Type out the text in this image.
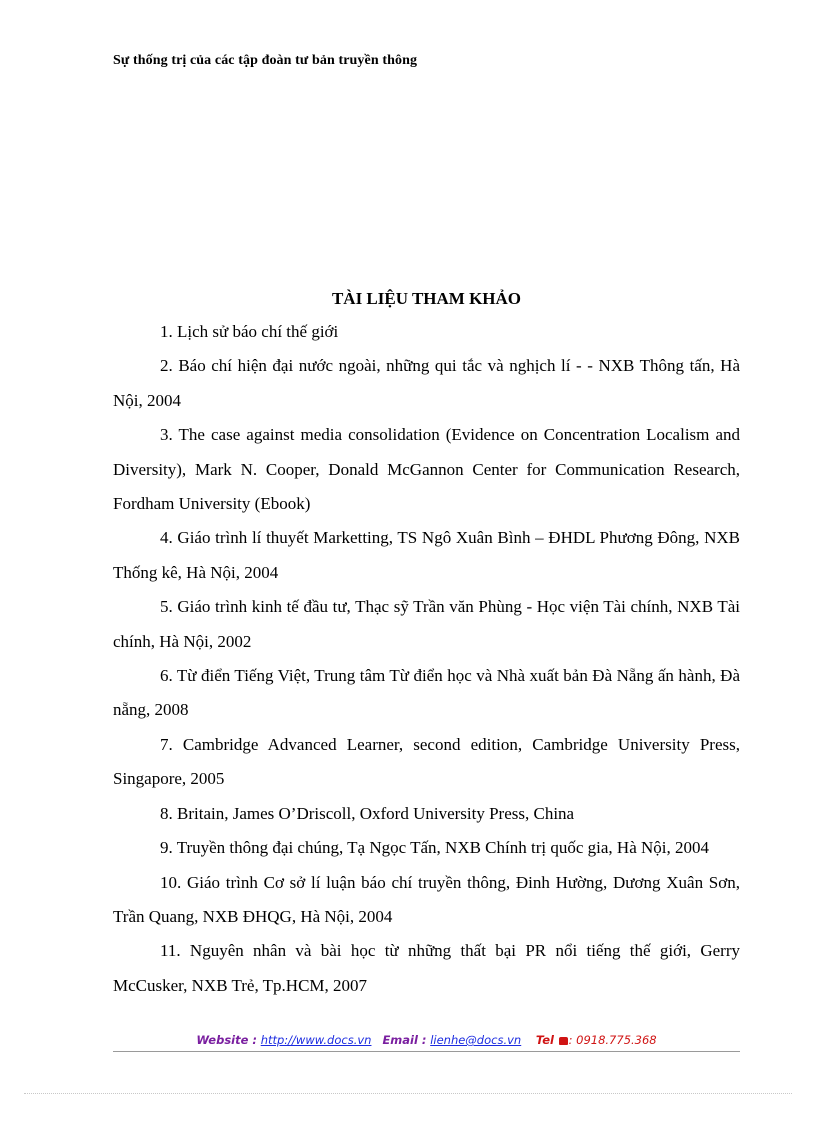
Sự thống trị của các tập đoàn tư bản truyền thông
TÀI LIỆU THAM KHẢO
1. Lịch sử báo chí thế giới
2. Báo chí hiện đại nước ngoài, những qui tắc và nghịch lí - - NXB Thông tấn, Hà Nội, 2004
3. The case against media consolidation (Evidence on Concentration Localism and Diversity), Mark N. Cooper, Donald McGannon Center for Communication Research, Fordham University (Ebook)
4. Giáo trình lí thuyết Marketting, TS Ngô Xuân Bình – ĐHDL Phương Đông, NXB Thống kê, Hà Nội, 2004
5. Giáo trình kinh tế đầu tư, Thạc sỹ Trần văn Phùng - Học viện Tài chính, NXB Tài chính, Hà Nội, 2002
6. Từ điển Tiếng Việt, Trung tâm Từ điển học và Nhà xuất bản Đà Nẵng ấn hành, Đà nẵng, 2008
7. Cambridge Advanced Learner, second edition, Cambridge University Press, Singapore, 2005
8. Britain, James O’Driscoll, Oxford University Press, China
9. Truyền thông đại chúng, Tạ Ngọc Tấn, NXB Chính trị quốc gia, Hà Nội, 2004
10. Giáo trình Cơ sở lí luận báo chí truyền thông, Đinh Hường, Dương Xuân Sơn, Trần Quang, NXB ĐHQG, Hà Nội, 2004
11. Nguyên nhân và bài học từ những thất bại PR nổi tiếng thế giới, Gerry McCusker, NXB Trẻ, Tp.HCM, 2007
Website : http://www.docs.vn Email : lienhe@docs.vn Tel : 0918.775.368
